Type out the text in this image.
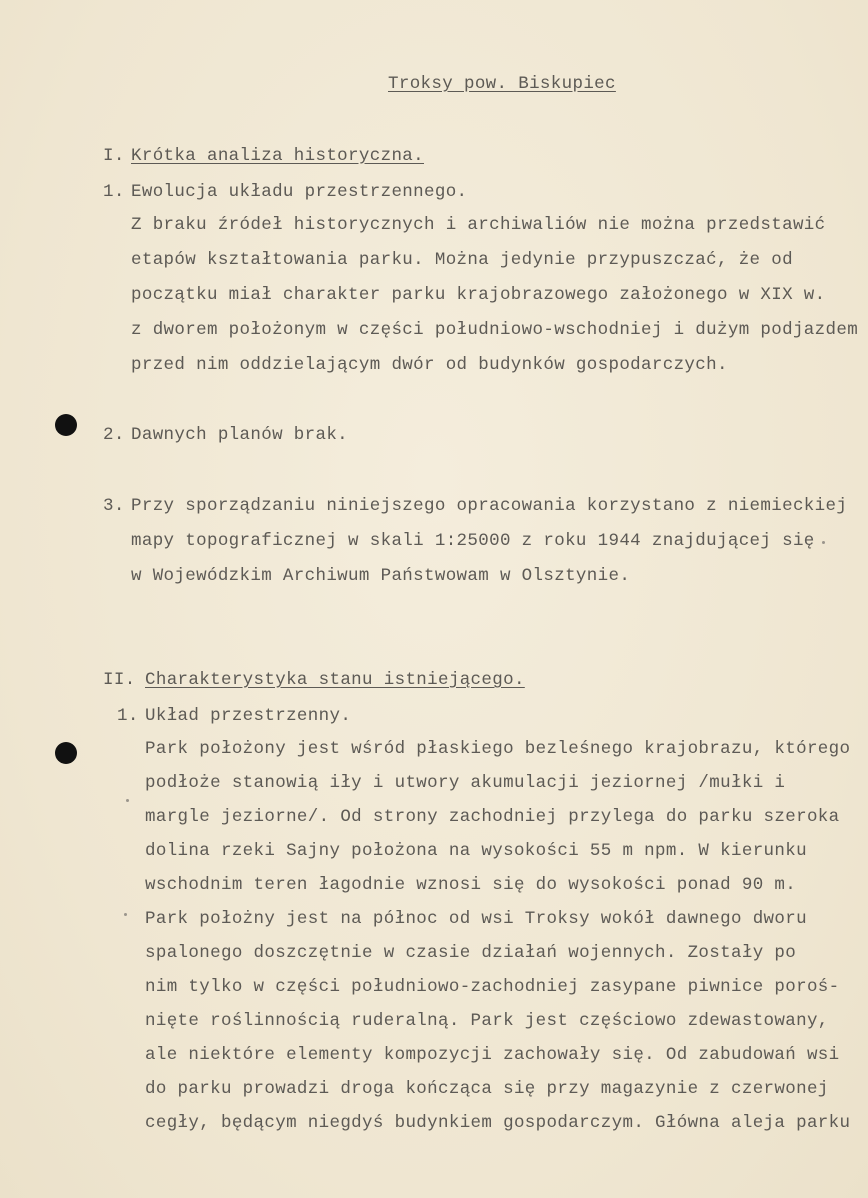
Troksy pow. Biskupiec
I. Krótka analiza historyczna.
1. Ewolucja układu przestrzennego.
Z braku źródeł historycznych i archiwaliów nie można przedstawić
etapów kształtowania parku. Można jedynie przypuszczać, że od
początku miał charakter parku krajobrazowego założonego w XIX w.
z dworem położonym w części południowo-wschodniej i dużym podjazdem
przed nim oddzielającym dwór od budynków gospodarczych.
2. Dawnych planów brak.
3. Przy sporządzaniu niniejszego opracowania korzystano z niemieckiej
mapy topograficznej w skali 1:25000 z roku 1944 znajdującej się
w Wojewódzkim Archiwum Państwowam w Olsztynie.
II. Charakterystyka stanu istniejącego.
1. Układ przestrzenny.
Park położony jest wśród płaskiego bezleśnego krajobrazu, którego
podłoże stanowią iły i utwory akumulacji jeziornej /mułki i
margle jeziorne/. Od strony zachodniej przylega do parku szeroka
dolina rzeki Sajny położona na wysokości 55 m npm. W kierunku
wschodnim teren łagodnie wznosi się do wysokości ponad 90 m.
Park położny jest na północ od wsi Troksy wokół dawnego dworu
spalonego doszczętnie w czasie działań wojennych. Zostały po
nim tylko w części południowo-zachodniej zasypane piwnice poroś-
nięte roślinnością ruderalną. Park jest częściowo zdewastowany,
ale niektóre elementy kompozycji zachowały się. Od zabudowań wsi
do parku prowadzi droga kończąca się przy magazynie z czerwonej
cegły, będącym niegdyś budynkiem gospodarczym. Główna aleja parku
